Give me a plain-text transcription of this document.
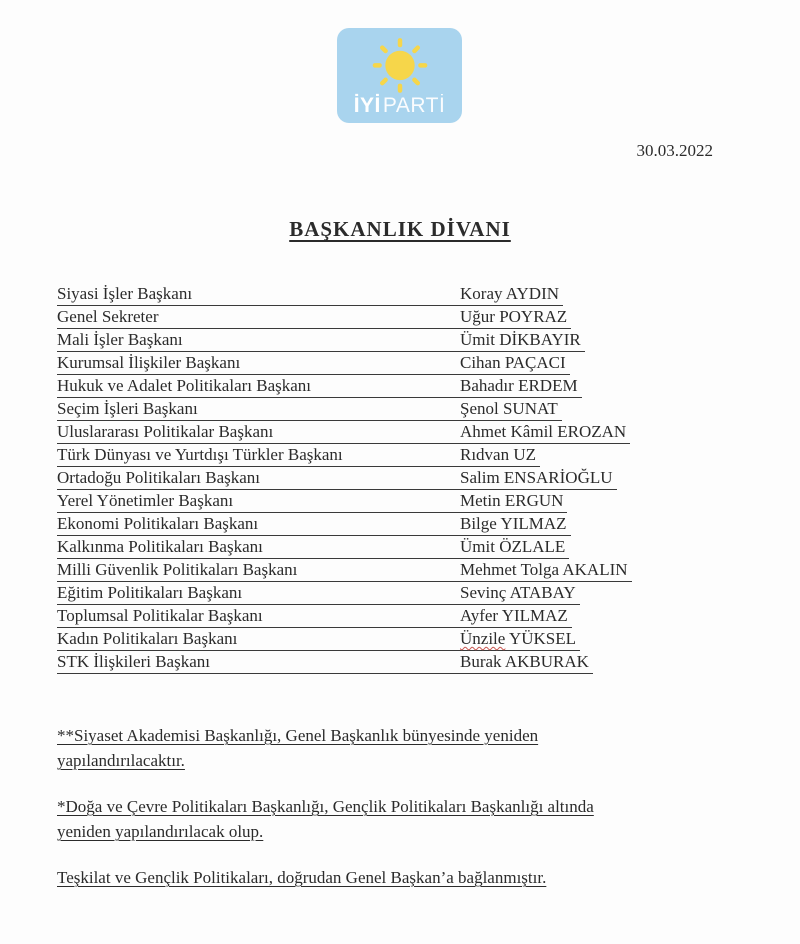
İYİ PARTİ
30.03.2022
BAŞKANLIK DİVANI
Siyasi İşler Başkanı	Koray AYDIN
Genel Sekreter	Uğur POYRAZ
Mali İşler Başkanı	Ümit DİKBAYIR
Kurumsal İlişkiler Başkanı	Cihan PAÇACI
Hukuk ve Adalet Politikaları Başkanı	Bahadır ERDEM
Seçim İşleri Başkanı	Şenol SUNAT
Uluslararası Politikalar Başkanı	Ahmet Kâmil EROZAN
Türk Dünyası ve Yurtdışı Türkler Başkanı	Rıdvan UZ
Ortadoğu Politikaları Başkanı	Salim ENSARİOĞLU
Yerel Yönetimler Başkanı	Metin ERGUN
Ekonomi Politikaları Başkanı	Bilge YILMAZ
Kalkınma Politikaları Başkanı	Ümit ÖZLALE
Milli Güvenlik Politikaları Başkanı	Mehmet Tolga AKALIN
Eğitim Politikaları Başkanı	Sevinç ATABAY
Toplumsal Politikalar Başkanı	Ayfer YILMAZ
Kadın Politikaları Başkanı	Ünzile YÜKSEL
STK İlişkileri Başkanı	Burak AKBURAK
**Siyaset Akademisi Başkanlığı, Genel Başkanlık bünyesinde yeniden
yapılandırılacaktır.
*Doğa ve Çevre Politikaları Başkanlığı, Gençlik Politikaları Başkanlığı altında
yeniden yapılandırılacak olup.
Teşkilat ve Gençlik Politikaları, doğrudan Genel Başkan’a bağlanmıştır.
